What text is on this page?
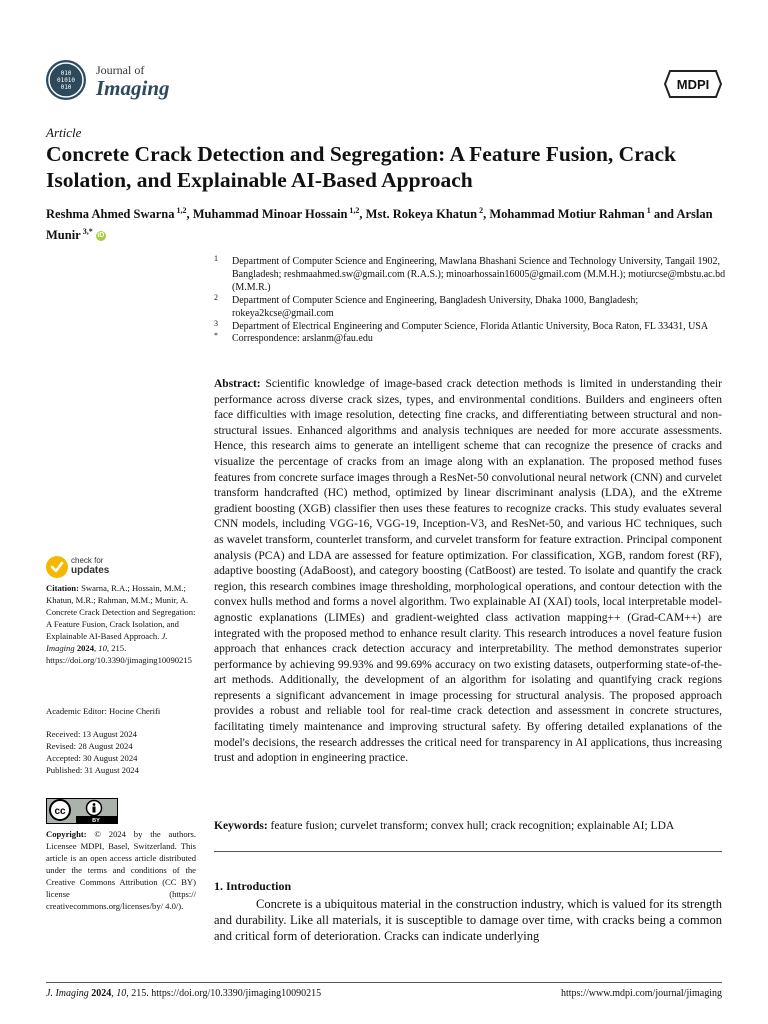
010
01010
010
Journal of
Imaging	MDPI
Article
Concrete Crack Detection and Segregation: A Feature Fusion, Crack Isolation, and Explainable AI-Based Approach
Reshma Ahmed Swarna $^{1,2}$, Muhammad Minoar Hossain $^{1,2}$, Mst. Rokeya Khatun $^2$, Mohammad Motiur Rahman $^1$ and Arslan Munir $^{3,*}$ iD

1 Department of Computer Science and Engineering, Mawlana Bhashani Science and Technology University, Tangail 1902, Bangladesh; reshmaahmed.sw@gmail.com (R.A.S.); minoarhossain16005@gmail.com (M.M.H.); motiurcse@mbstu.ac.bd (M.M.R.)

2 Department of Computer Science and Engineering, Bangladesh University, Dhaka 1000, Bangladesh; rokeya2kcse@gmail.com

3 Department of Electrical Engineering and Computer Science, Florida Atlantic University, Boca Raton, FL 33431, USA

* Correspondence: arslanm@fau.edu

Abstract: Scientific knowledge of image-based crack detection methods is limited in understanding their performance across diverse crack sizes, types, and environmental conditions. Builders and engineers often face difficulties with image resolution, detecting fine cracks, and differentiating between structural and non-structural issues. Enhanced algorithms and analysis techniques are needed for more accurate assessments. Hence, this research aims to generate an intelligent scheme that can recognize the presence of cracks and visualize the percentage of cracks from an image along with an explanation. The proposed method fuses features from concrete surface images through a ResNet-50 convolutional neural network (CNN) and curvelet transform handcrafted (HC) method, optimized by linear discriminant analysis (LDA), and the eXtreme gradient boosting (XGB) classifier then uses these features to recognize cracks. This study evaluates several CNN models, including VGG-16, VGG-19, Inception-V3, and ResNet-50, and various HC techniques, such as wavelet transform, counterlet transform, and curvelet transform for feature extraction. Principal component analysis (PCA) and LDA are assessed for feature optimization. For classification, XGB, random forest (RF), adaptive boosting (AdaBoost), and category boosting (CatBoost) are tested. To isolate and quantify the crack region, this research combines image thresholding, morphological operations, and contour detection with the convex hulls method and forms a novel algorithm. Two explainable AI (XAI) tools, local interpretable model-agnostic explanations (LIMEs) and gradient-weighted class activation mapping++ (Grad-CAM++) are integrated with the proposed method to enhance result clarity. This research introduces a novel feature fusion approach that enhances crack detection accuracy and interpretability. The method demonstrates superior performance by achieving 99.93% and 99.69% accuracy on two existing datasets, outperforming state-of-the-art methods. Additionally, the development of an algorithm for isolating and quantifying crack regions represents a significant advancement in image processing for structural analysis. The proposed approach provides a robust and reliable tool for real-time crack detection and assessment in concrete structures, facilitating timely maintenance and improving structural safety. By offering detailed explanations of the model's decisions, the research addresses the critical need for transparency in AI applications, thus increasing trust and adoption in engineering practice.

Keywords: feature fusion; curvelet transform; convex hull; crack recognition; explainable AI; LDA

1. Introduction

Concrete is a ubiquitous material in the construction industry, which is valued for its strength and durability. Like all materials, it is susceptible to damage over time, with cracks being a common and critical form of deterioration. Cracks can indicate underlying

check for
updates

Citation: Swarna, R.A.; Hossain, M.M.; Khatun, M.R.; Rahman, M.M.; Munir, A. Concrete Crack Detection and Segregation: A Feature Fusion, Crack Isolation, and Explainable AI-Based Approach. J. Imaging 2024, 10, 215. https://doi.org/10.3390/jimaging10090215

Academic Editor: Hocine Cherifi

Received: 13 August 2024
Revised: 28 August 2024
Accepted: 30 August 2024
Published: 31 August 2024
cc
BY

Copyright: © 2024 by the authors. Licensee MDPI, Basel, Switzerland. This article is an open access article distributed under the terms and conditions of the Creative Commons Attribution (CC BY) license (https:// creativecommons.org/licenses/by/ 4.0/).

J. Imaging 2024, 10, 215. https://doi.org/10.3390/jimaging10090215	https://www.mdpi.com/journal/jimaging
